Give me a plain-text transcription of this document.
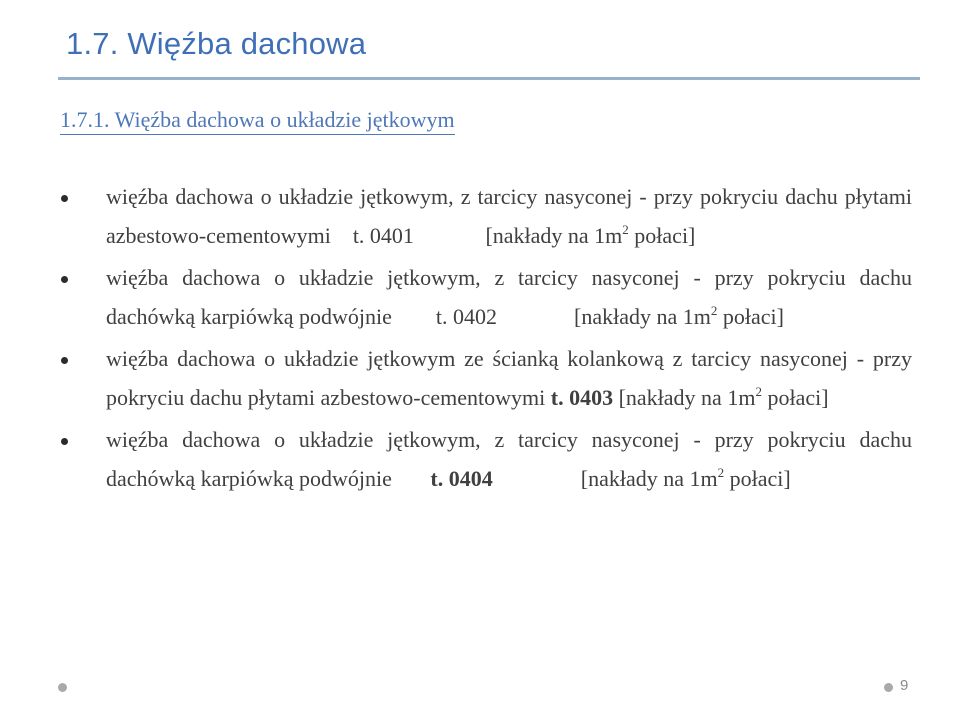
1.7. Więźba dachowa
1.7.1. Więźba dachowa o układzie jętkowym
więźba dachowa o układzie jętkowym, z tarcicy nasyconej - przy pokryciu dachu płytami azbestowo-cementowymi t. 0401	[nakłady na $1m^2$ połaci]
więźba dachowa o układzie jętkowym, z tarcicy nasyconej - przy pokryciu dachu dachówką karpiówką podwójnie t. 0402	[nakłady na $1m^2$ połaci]
więźba dachowa o układzie jętkowym ze ścianką kolankową z tarcicy nasyconej - przy pokryciu dachu płytami azbestowo-cementowymi t. 0403 [nakłady na $1m^2$ połaci]
więźba dachowa o układzie jętkowym, z tarcicy nasyconej - przy pokryciu dachu dachówką karpiówką podwójnie t. 0404	[nakłady na $1m^2$ połaci]
9
